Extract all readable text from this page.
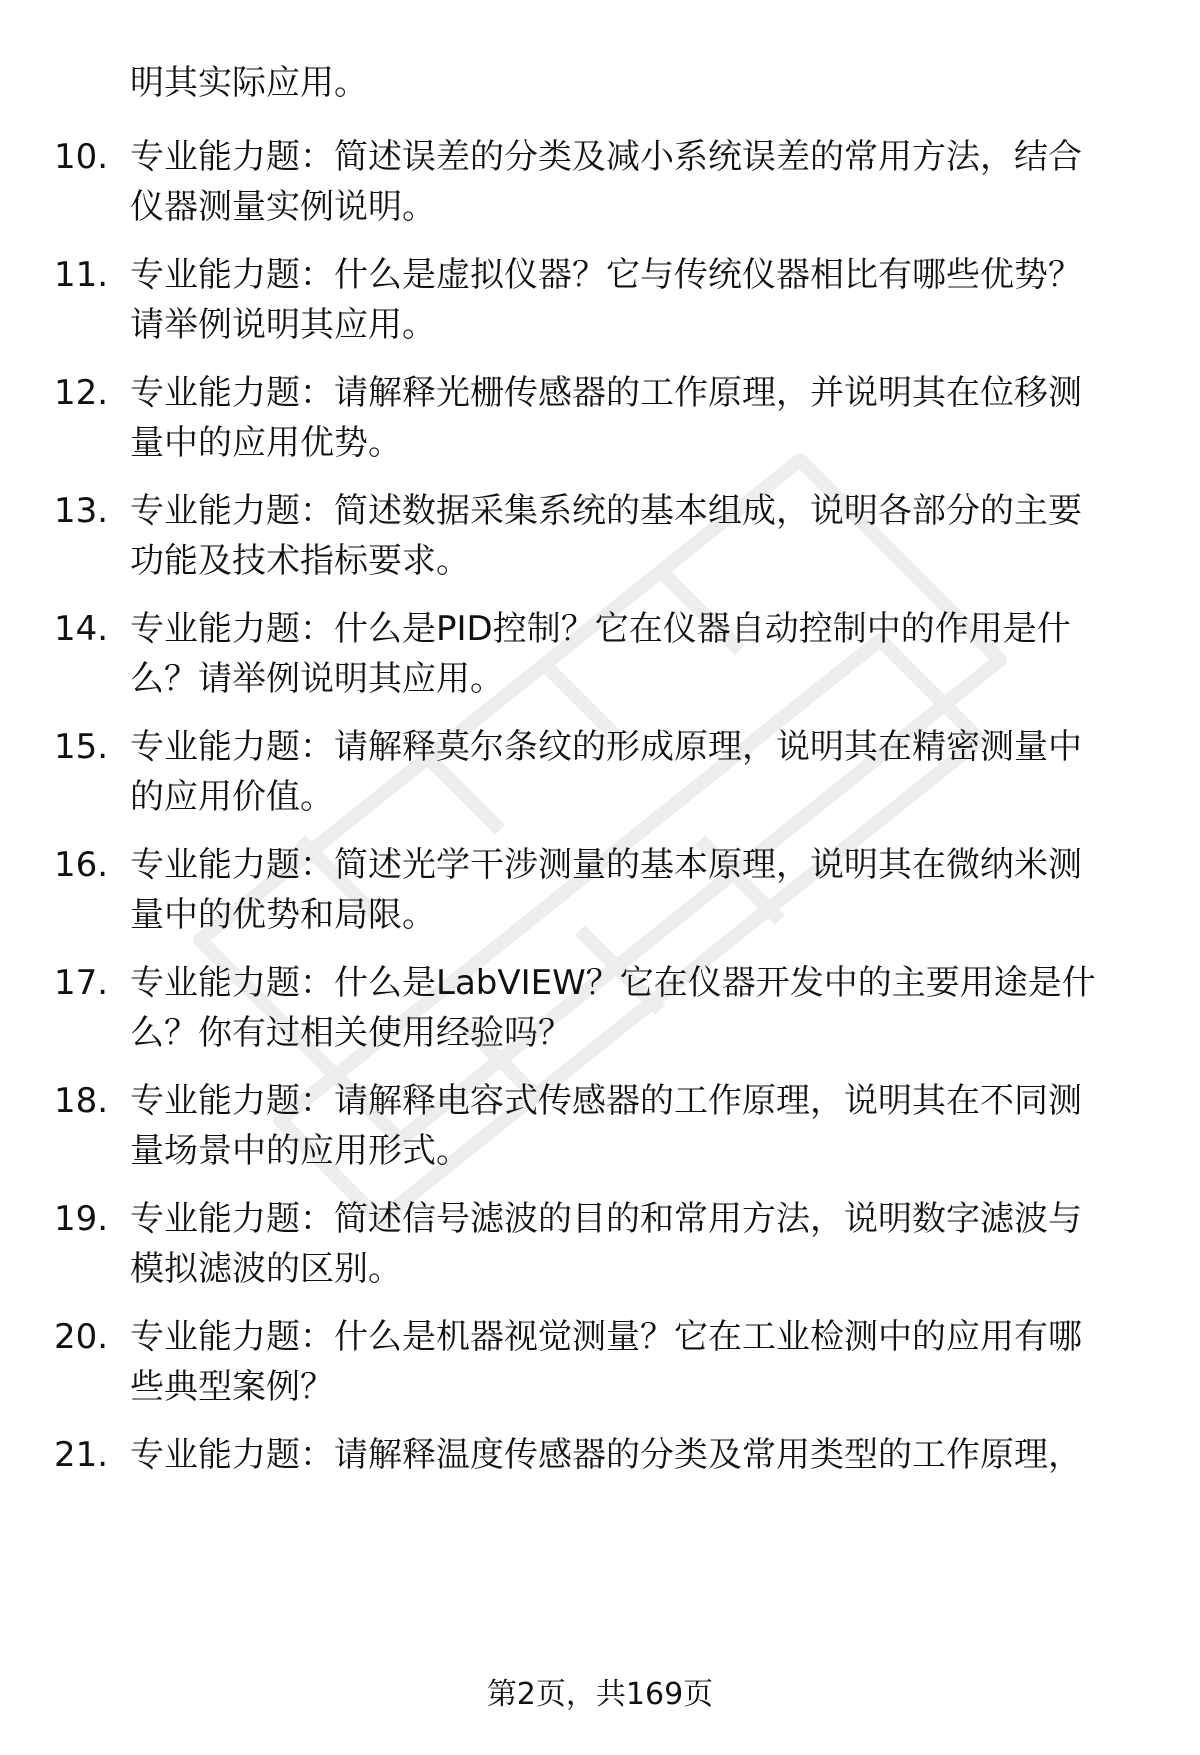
明其实际应用。
10. 专业能力题：简述误差的分类及减小系统误差的常用方法，结合
仪器测量实例说明。
11. 专业能力题：什么是虚拟仪器？它与传统仪器相比有哪些优势？
请举例说明其应用。
12. 专业能力题：请解释光栅传感器的工作原理，并说明其在位移测
量中的应用优势。
13. 专业能力题：简述数据采集系统的基本组成，说明各部分的主要
功能及技术指标要求。
14. 专业能力题：什么是PID控制？它在仪器自动控制中的作用是什
么？请举例说明其应用。
15. 专业能力题：请解释莫尔条纹的形成原理，说明其在精密测量中
的应用价值。
16. 专业能力题：简述光学干涉测量的基本原理，说明其在微纳米测
量中的优势和局限。
17. 专业能力题：什么是LabVIEW？它在仪器开发中的主要用途是什
么？你有过相关使用经验吗？
18. 专业能力题：请解释电容式传感器的工作原理，说明其在不同测
量场景中的应用形式。
19. 专业能力题：简述信号滤波的目的和常用方法，说明数字滤波与
模拟滤波的区别。
20. 专业能力题：什么是机器视觉测量？它在工业检测中的应用有哪
些典型案例？
21. 专业能力题：请解释温度传感器的分类及常用类型的工作原理，
第2页，共169页
